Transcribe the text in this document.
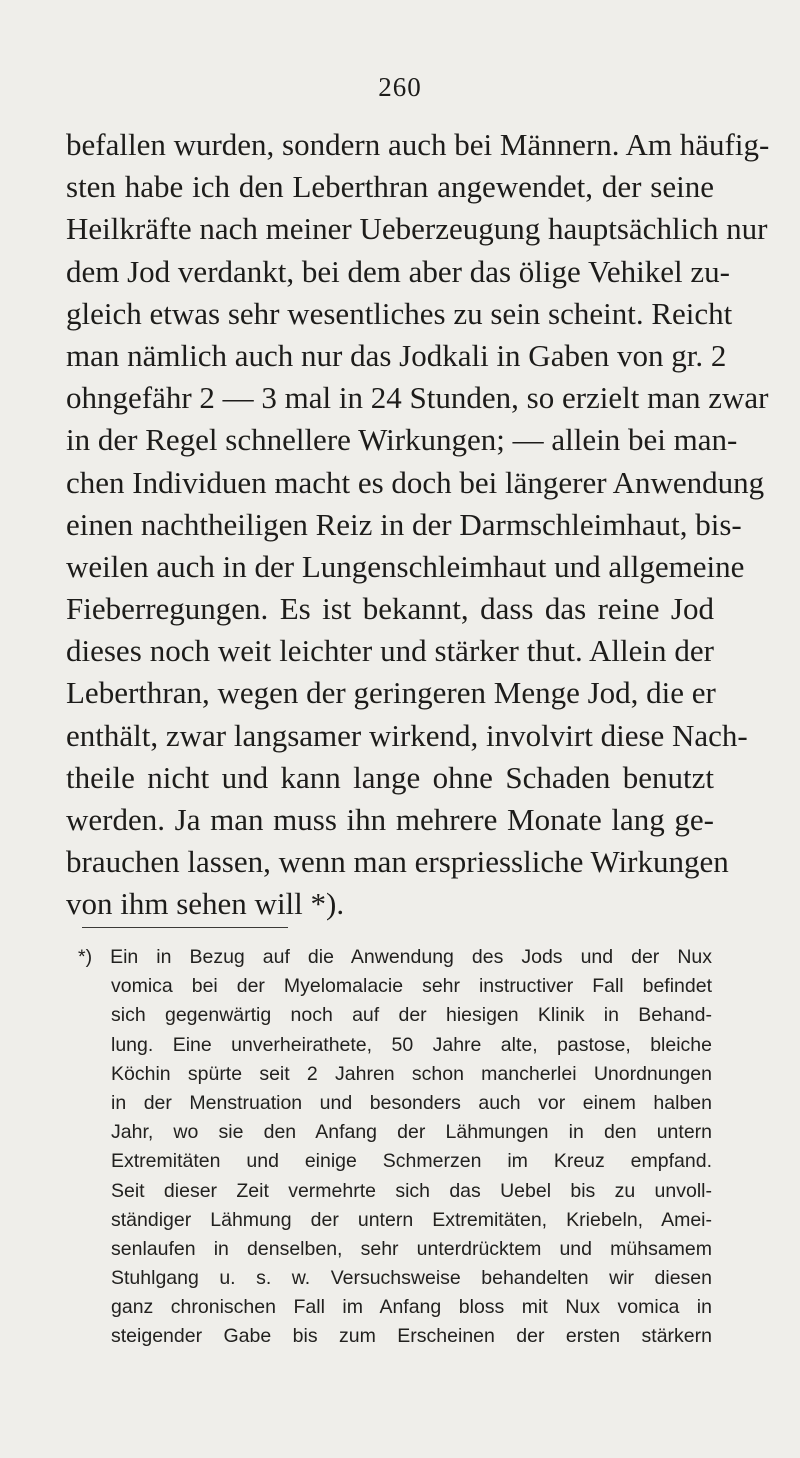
260
befallen wurden, sondern auch bei Männern. Am häufig-
sten habe ich den Leberthran angewendet, der seine
Heilkräfte nach meiner Ueberzeugung hauptsächlich nur
dem Jod verdankt, bei dem aber das ölige Vehikel zu-
gleich etwas sehr wesentliches zu sein scheint. Reicht
man nämlich auch nur das Jodkali in Gaben von gr. 2
ohngefähr 2 — 3 mal in 24 Stunden, so erzielt man zwar
in der Regel schnellere Wirkungen; — allein bei man-
chen Individuen macht es doch bei längerer Anwendung
einen nachtheiligen Reiz in der Darmschleimhaut, bis-
weilen auch in der Lungenschleimhaut und allgemeine
Fieberregungen. Es ist bekannt, dass das reine Jod
dieses noch weit leichter und stärker thut. Allein der
Leberthran, wegen der geringeren Menge Jod, die er
enthält, zwar langsamer wirkend, involvirt diese Nach-
theile nicht und kann lange ohne Schaden benutzt
werden. Ja man muss ihn mehrere Monate lang ge-
brauchen lassen, wenn man erspriessliche Wirkungen
von ihm sehen will *).
*) Ein in Bezug auf die Anwendung des Jods und der Nux
vomica bei der Myelomalacie sehr instructiver Fall befindet
sich gegenwärtig noch auf der hiesigen Klinik in Behand-
lung. Eine unverheirathete, 50 Jahre alte, pastose, bleiche
Köchin spürte seit 2 Jahren schon mancherlei Unordnungen
in der Menstruation und besonders auch vor einem halben
Jahr, wo sie den Anfang der Lähmungen in den untern
Extremitäten und einige Schmerzen im Kreuz empfand.
Seit dieser Zeit vermehrte sich das Uebel bis zu unvoll-
ständiger Lähmung der untern Extremitäten, Kriebeln, Amei-
senlaufen in denselben, sehr unterdrücktem und mühsamem
Stuhlgang u. s. w. Versuchsweise behandelten wir diesen
ganz chronischen Fall im Anfang bloss mit Nux vomica in
steigender Gabe bis zum Erscheinen der ersten stärkern
